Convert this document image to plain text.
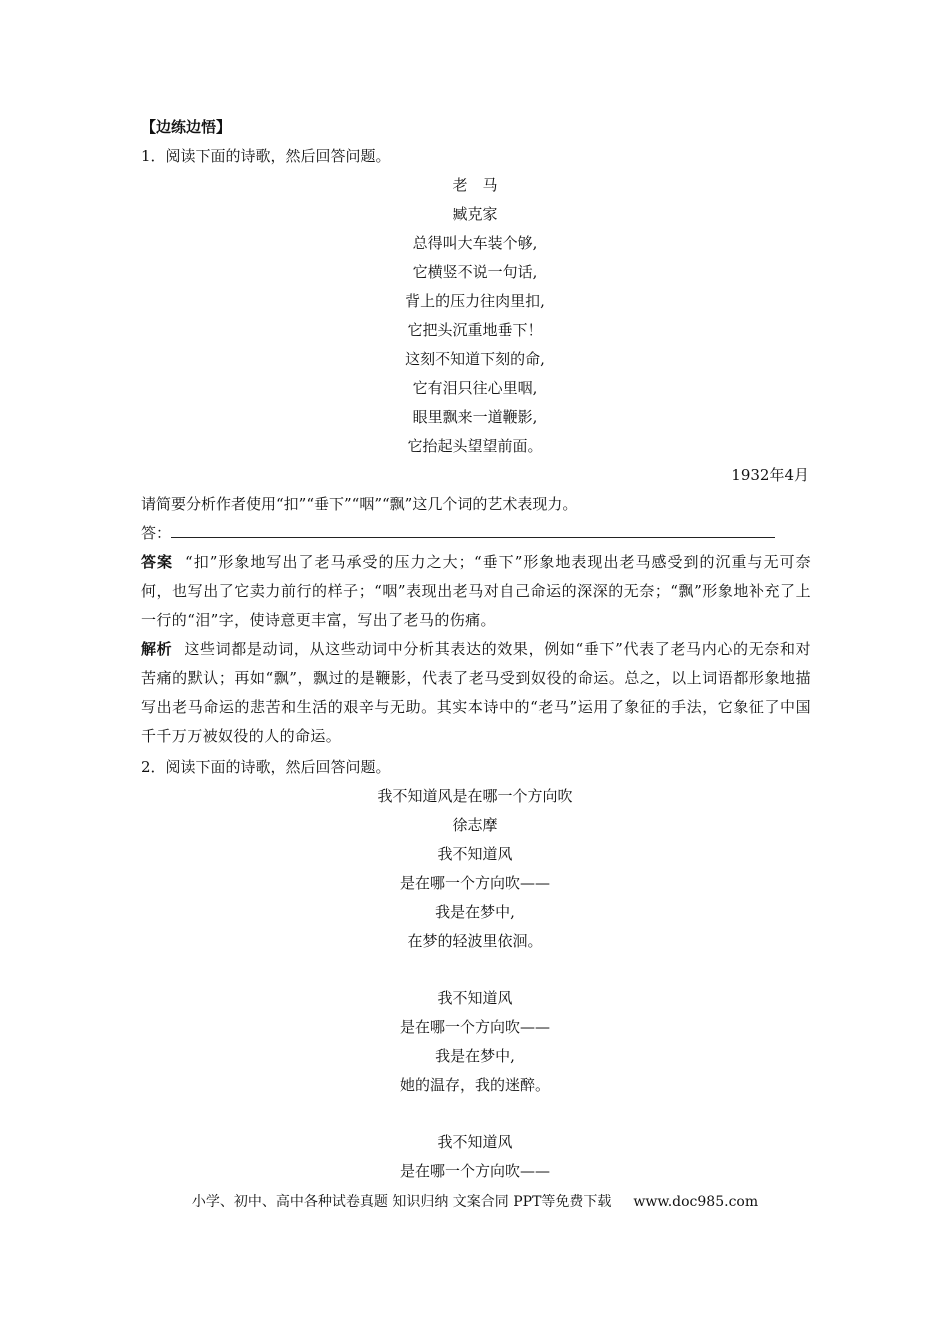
【边练边悟】
1．阅读下面的诗歌，然后回答问题。
老　马
臧克家
总得叫大车装个够,
它横竖不说一句话,
背上的压力往肉里扣,
它把头沉重地垂下！
这刻不知道下刻的命,
它有泪只往心里咽,
眼里飘来一道鞭影,
它抬起头望望前面。
1932年4月
请简要分析作者使用“扣”“垂下”“咽”“飘”这几个词的艺术表现力。
答：
答案 “扣”形象地写出了老马承受的压力之大；“垂下”形象地表现出老马感受到的沉重与无可奈何，也写出了它卖力前行的样子；“咽”表现出老马对自己命运的深深的无奈；“飘”形象地补充了上一行的“泪”字，使诗意更丰富，写出了老马的伤痛。
解析 这些词都是动词，从这些动词中分析其表达的效果，例如“垂下”代表了老马内心的无奈和对苦痛的默认；再如“飘”，飘过的是鞭影，代表了老马受到奴役的命运。总之，以上词语都形象地描写出老马命运的悲苦和生活的艰辛与无助。其实本诗中的“老马”运用了象征的手法，它象征了中国千千万万被奴役的人的命运。
2．阅读下面的诗歌，然后回答问题。
我不知道风是在哪一个方向吹
徐志摩
我不知道风
是在哪一个方向吹——
我是在梦中,
在梦的轻波里依洄。
我不知道风
是在哪一个方向吹——
我是在梦中,
她的温存，我的迷醉。
我不知道风
是在哪一个方向吹——
小学、初中、高中各种试卷真题 知识归纳 文案合同 PPT等免费下载 www.doc985.com
